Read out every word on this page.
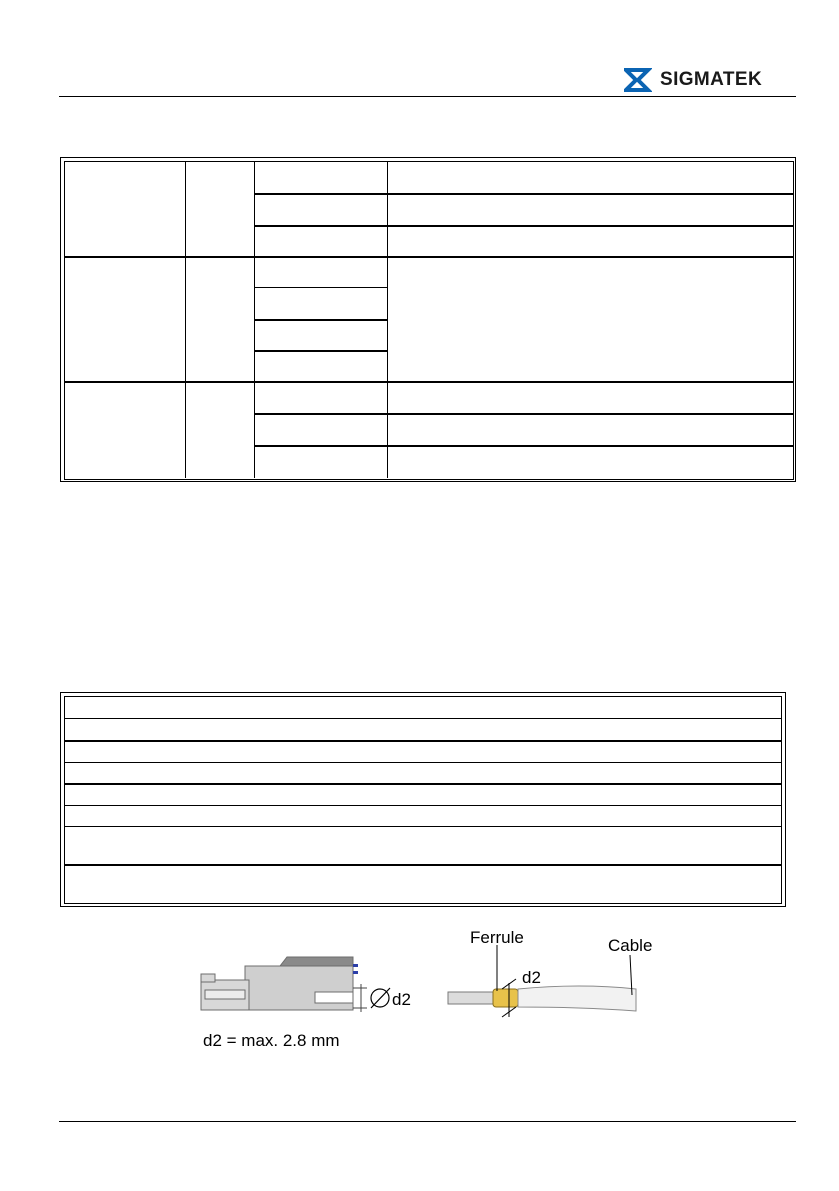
SIGMATEK
d2
d2 = max. 2.8 mm
Ferrule	Cable
d2
